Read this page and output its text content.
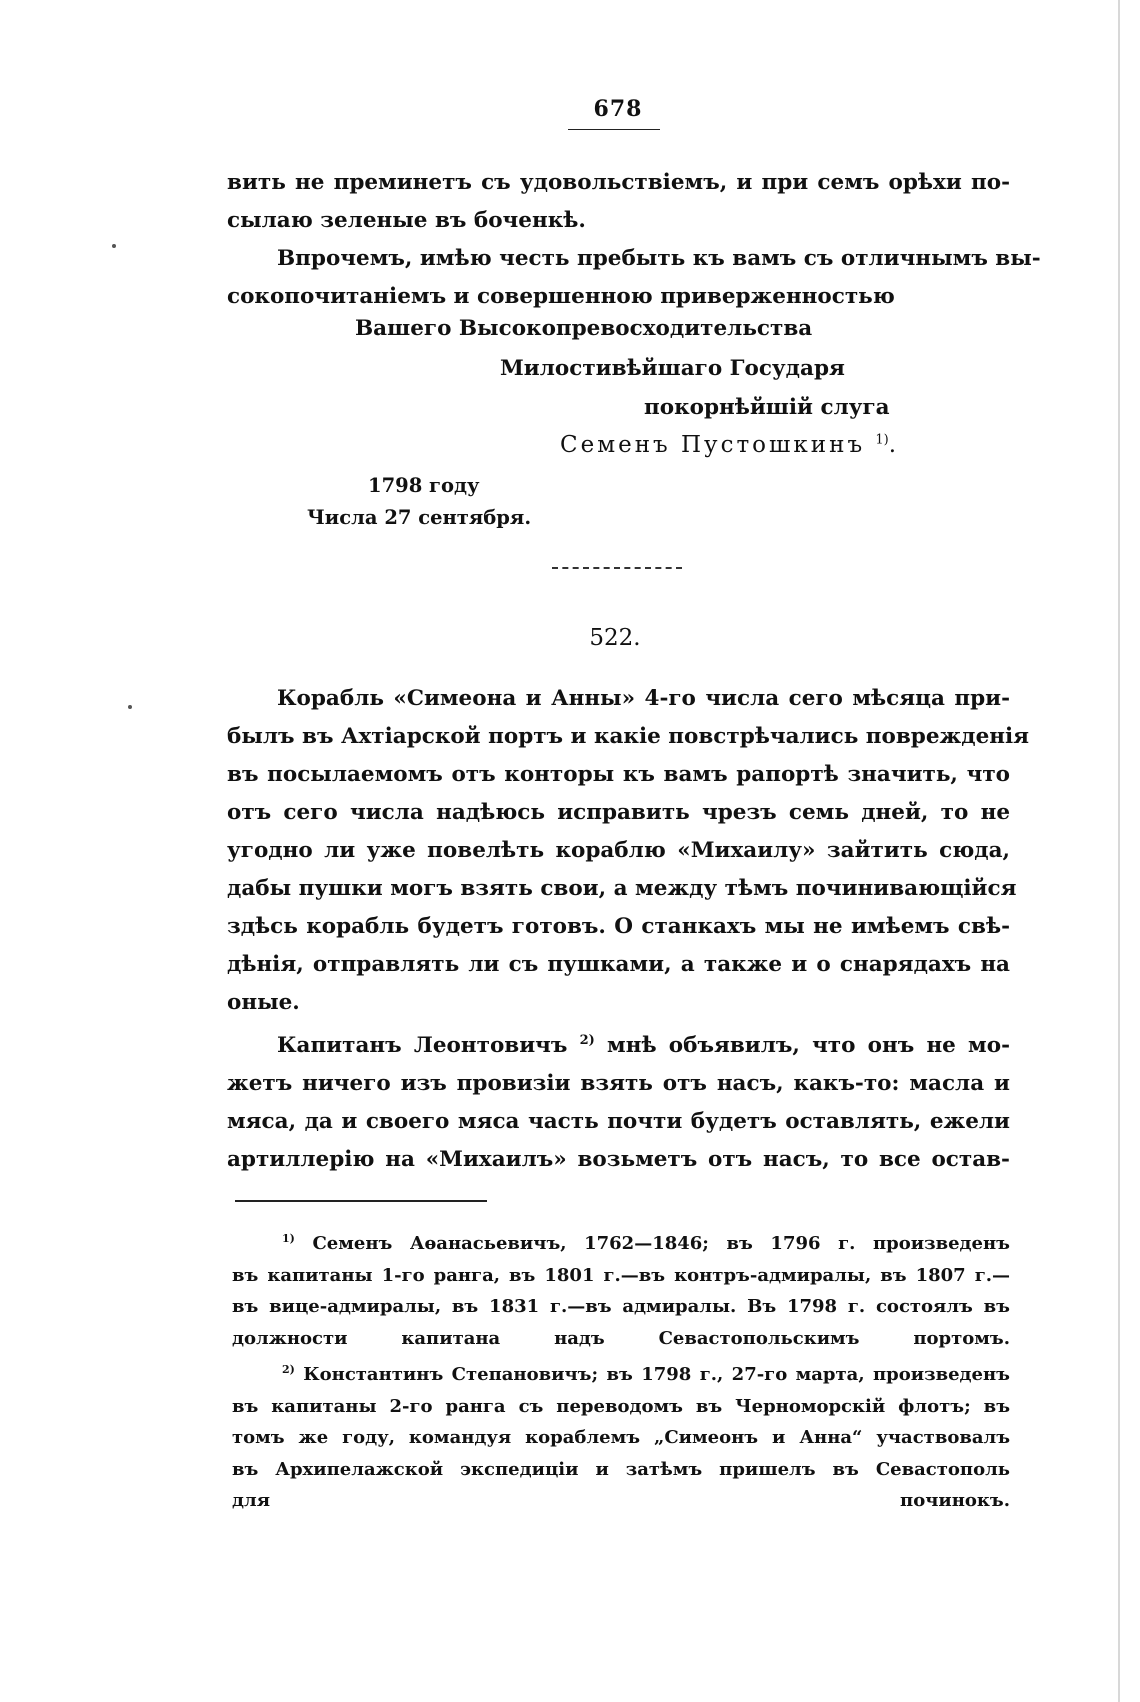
678
вить не преминетъ съ удовольствіемъ, и при семъ орѣхи по-
сылаю зеленые въ боченкѣ.
Впрочемъ, имѣю честь пребыть къ вамъ съ отличнымъ вы-
сокопочитаніемъ и совершенною приверженностью
Вашего Высокопревосходительства
Милостивѣйшаго Государя
покорнѣйшій слуга
Семенъ Пустошкинъ $^{1)}$.
1798 году
Числа 27 сентября.
522.
Корабль «Симеона и Анны» 4-го числа сего мѣсяца при-
былъ въ Ахтіарской портъ и какіе повстрѣчались поврежденія
въ посылаемомъ отъ конторы къ вамъ рапортѣ значить, что
отъ сего числа надѣюсь исправить чрезъ семь дней, то не
угодно ли уже повелѣть кораблю «Михаилу» зайтить сюда,
дабы пушки могъ взять свои, а между тѣмъ починивающійся
здѣсь корабль будетъ готовъ. О станкахъ мы не имѣемъ свѣ-
дѣнія, отправлять ли съ пушками, а также и о снарядахъ на
оные.
Капитанъ Леонтовичъ $^{2)}$ мнѣ объявилъ, что онъ не мо-
жетъ ничего изъ провизіи взять отъ насъ, какъ-то: масла и
мяса, да и своего мяса часть почти будетъ оставлять, ежели
артиллерію на «Михаилъ» возьметъ отъ насъ, то все остав-
$^{1)}$ Семенъ Аѳанасьевичъ, 1762—1846; въ 1796 г. произведенъ
въ капитаны 1-го ранга, въ 1801 г.—въ контръ-адмиралы, въ 1807 г.—
въ вице-адмиралы, въ 1831 г.—въ адмиралы. Въ 1798 г. состоялъ въ
должности капитана надъ Севастопольскимъ портомъ.
$^{2)}$ Константинъ Степановичъ; въ 1798 г., 27-го марта, произведенъ
въ капитаны 2-го ранга съ переводомъ въ Черноморскій флотъ; въ
томъ же году, командуя кораблемъ „Симеонъ и Анна“ участвовалъ
въ Архипелажской экспедиціи и затѣмъ пришелъ въ Севастополь
для починокъ.
